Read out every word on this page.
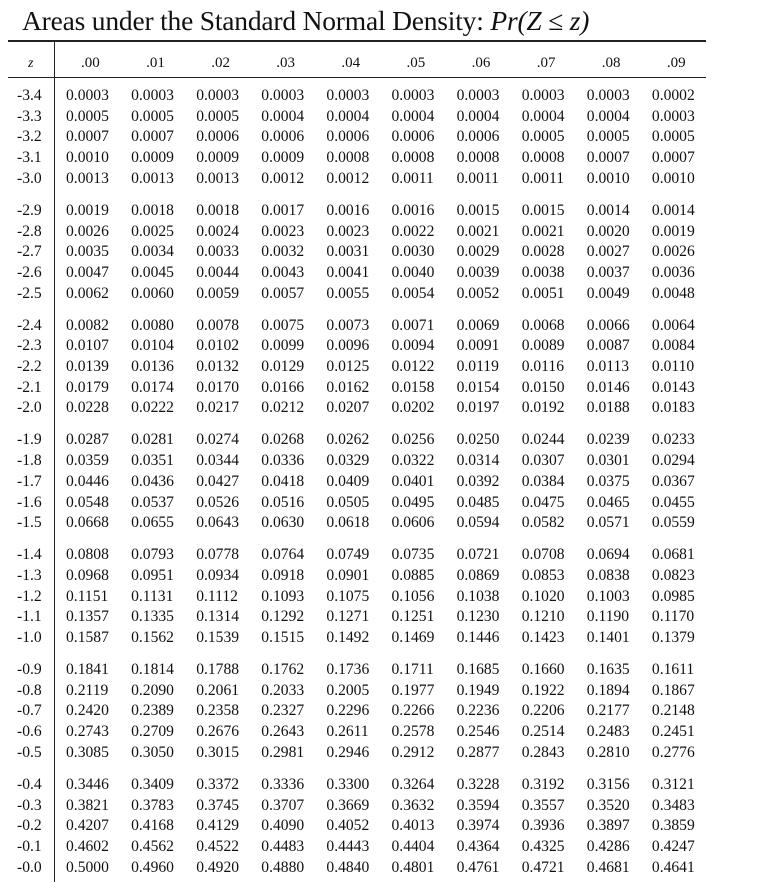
Areas under the Standard Normal Density: Pr(Z ≤ z)
z	.00	.01	.02	.03	.04	.05	.06	.07	.08	.09
-3.4 0.0003 0.0003 0.0003 0.0003 0.0003 0.0003 0.0003 0.0003 0.0003 0.0002
-3.3 0.0005 0.0005 0.0005 0.0004 0.0004 0.0004 0.0004 0.0004 0.0004 0.0003
-3.2 0.0007 0.0007 0.0006 0.0006 0.0006 0.0006 0.0006 0.0005 0.0005 0.0005
-3.1 0.0010 0.0009 0.0009 0.0009 0.0008 0.0008 0.0008 0.0008 0.0007 0.0007
-3.0 0.0013 0.0013 0.0013 0.0012 0.0012 0.0011 0.0011 0.0011 0.0010 0.0010
-2.9 0.0019 0.0018 0.0018 0.0017 0.0016 0.0016 0.0015 0.0015 0.0014 0.0014
-2.8 0.0026 0.0025 0.0024 0.0023 0.0023 0.0022 0.0021 0.0021 0.0020 0.0019
-2.7 0.0035 0.0034 0.0033 0.0032 0.0031 0.0030 0.0029 0.0028 0.0027 0.0026
-2.6 0.0047 0.0045 0.0044 0.0043 0.0041 0.0040 0.0039 0.0038 0.0037 0.0036
-2.5 0.0062 0.0060 0.0059 0.0057 0.0055 0.0054 0.0052 0.0051 0.0049 0.0048
-2.4 0.0082 0.0080 0.0078 0.0075 0.0073 0.0071 0.0069 0.0068 0.0066 0.0064
-2.3 0.0107 0.0104 0.0102 0.0099 0.0096 0.0094 0.0091 0.0089 0.0087 0.0084
-2.2 0.0139 0.0136 0.0132 0.0129 0.0125 0.0122 0.0119 0.0116 0.0113 0.0110
-2.1 0.0179 0.0174 0.0170 0.0166 0.0162 0.0158 0.0154 0.0150 0.0146 0.0143
-2.0 0.0228 0.0222 0.0217 0.0212 0.0207 0.0202 0.0197 0.0192 0.0188 0.0183
-1.9 0.0287 0.0281 0.0274 0.0268 0.0262 0.0256 0.0250 0.0244 0.0239 0.0233
-1.8 0.0359 0.0351 0.0344 0.0336 0.0329 0.0322 0.0314 0.0307 0.0301 0.0294
-1.7 0.0446 0.0436 0.0427 0.0418 0.0409 0.0401 0.0392 0.0384 0.0375 0.0367
-1.6 0.0548 0.0537 0.0526 0.0516 0.0505 0.0495 0.0485 0.0475 0.0465 0.0455
-1.5 0.0668 0.0655 0.0643 0.0630 0.0618 0.0606 0.0594 0.0582 0.0571 0.0559
-1.4 0.0808 0.0793 0.0778 0.0764 0.0749 0.0735 0.0721 0.0708 0.0694 0.0681
-1.3 0.0968 0.0951 0.0934 0.0918 0.0901 0.0885 0.0869 0.0853 0.0838 0.0823
-1.2 0.1151 0.1131 0.1112 0.1093 0.1075 0.1056 0.1038 0.1020 0.1003 0.0985
-1.1 0.1357 0.1335 0.1314 0.1292 0.1271 0.1251 0.1230 0.1210 0.1190 0.1170
-1.0 0.1587 0.1562 0.1539 0.1515 0.1492 0.1469 0.1446 0.1423 0.1401 0.1379
-0.9 0.1841 0.1814 0.1788 0.1762 0.1736 0.1711 0.1685 0.1660 0.1635 0.1611
-0.8 0.2119 0.2090 0.2061 0.2033 0.2005 0.1977 0.1949 0.1922 0.1894 0.1867
-0.7 0.2420 0.2389 0.2358 0.2327 0.2296 0.2266 0.2236 0.2206 0.2177 0.2148
-0.6 0.2743 0.2709 0.2676 0.2643 0.2611 0.2578 0.2546 0.2514 0.2483 0.2451
-0.5 0.3085 0.3050 0.3015 0.2981 0.2946 0.2912 0.2877 0.2843 0.2810 0.2776
-0.4 0.3446 0.3409 0.3372 0.3336 0.3300 0.3264 0.3228 0.3192 0.3156 0.3121
-0.3 0.3821 0.3783 0.3745 0.3707 0.3669 0.3632 0.3594 0.3557 0.3520 0.3483
-0.2 0.4207 0.4168 0.4129 0.4090 0.4052 0.4013 0.3974 0.3936 0.3897 0.3859
-0.1 0.4602 0.4562 0.4522 0.4483 0.4443 0.4404 0.4364 0.4325 0.4286 0.4247
-0.0 0.5000 0.4960 0.4920 0.4880 0.4840 0.4801 0.4761 0.4721 0.4681 0.4641
